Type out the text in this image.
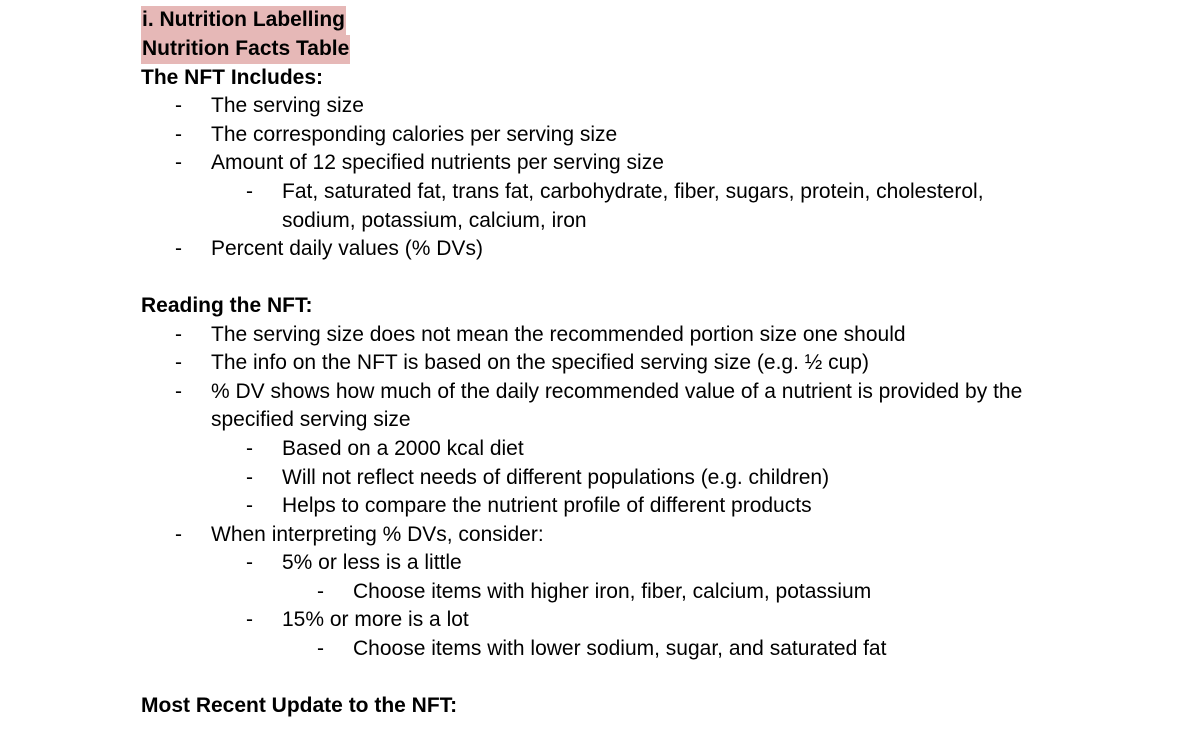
i. Nutrition Labelling
Nutrition Facts Table
The NFT Includes:
- The serving size
- The corresponding calories per serving size
- Amount of 12 specified nutrients per serving size
- Fat, saturated fat, trans fat, carbohydrate, fiber, sugars, protein, cholesterol,
sodium, potassium, calcium, iron
- Percent daily values (% DVs)
Reading the NFT:
- The serving size does not mean the recommended portion size one should
- The info on the NFT is based on the specified serving size (e.g. ½ cup)
- % DV shows how much of the daily recommended value of a nutrient is provided by the
specified serving size
- Based on a 2000 kcal diet
- Will not reflect needs of different populations (e.g. children)
- Helps to compare the nutrient profile of different products
- When interpreting % DVs, consider:
- 5% or less is a little
- Choose items with higher iron, fiber, calcium, potassium
- 15% or more is a lot
- Choose items with lower sodium, sugar, and saturated fat
Most Recent Update to the NFT:
